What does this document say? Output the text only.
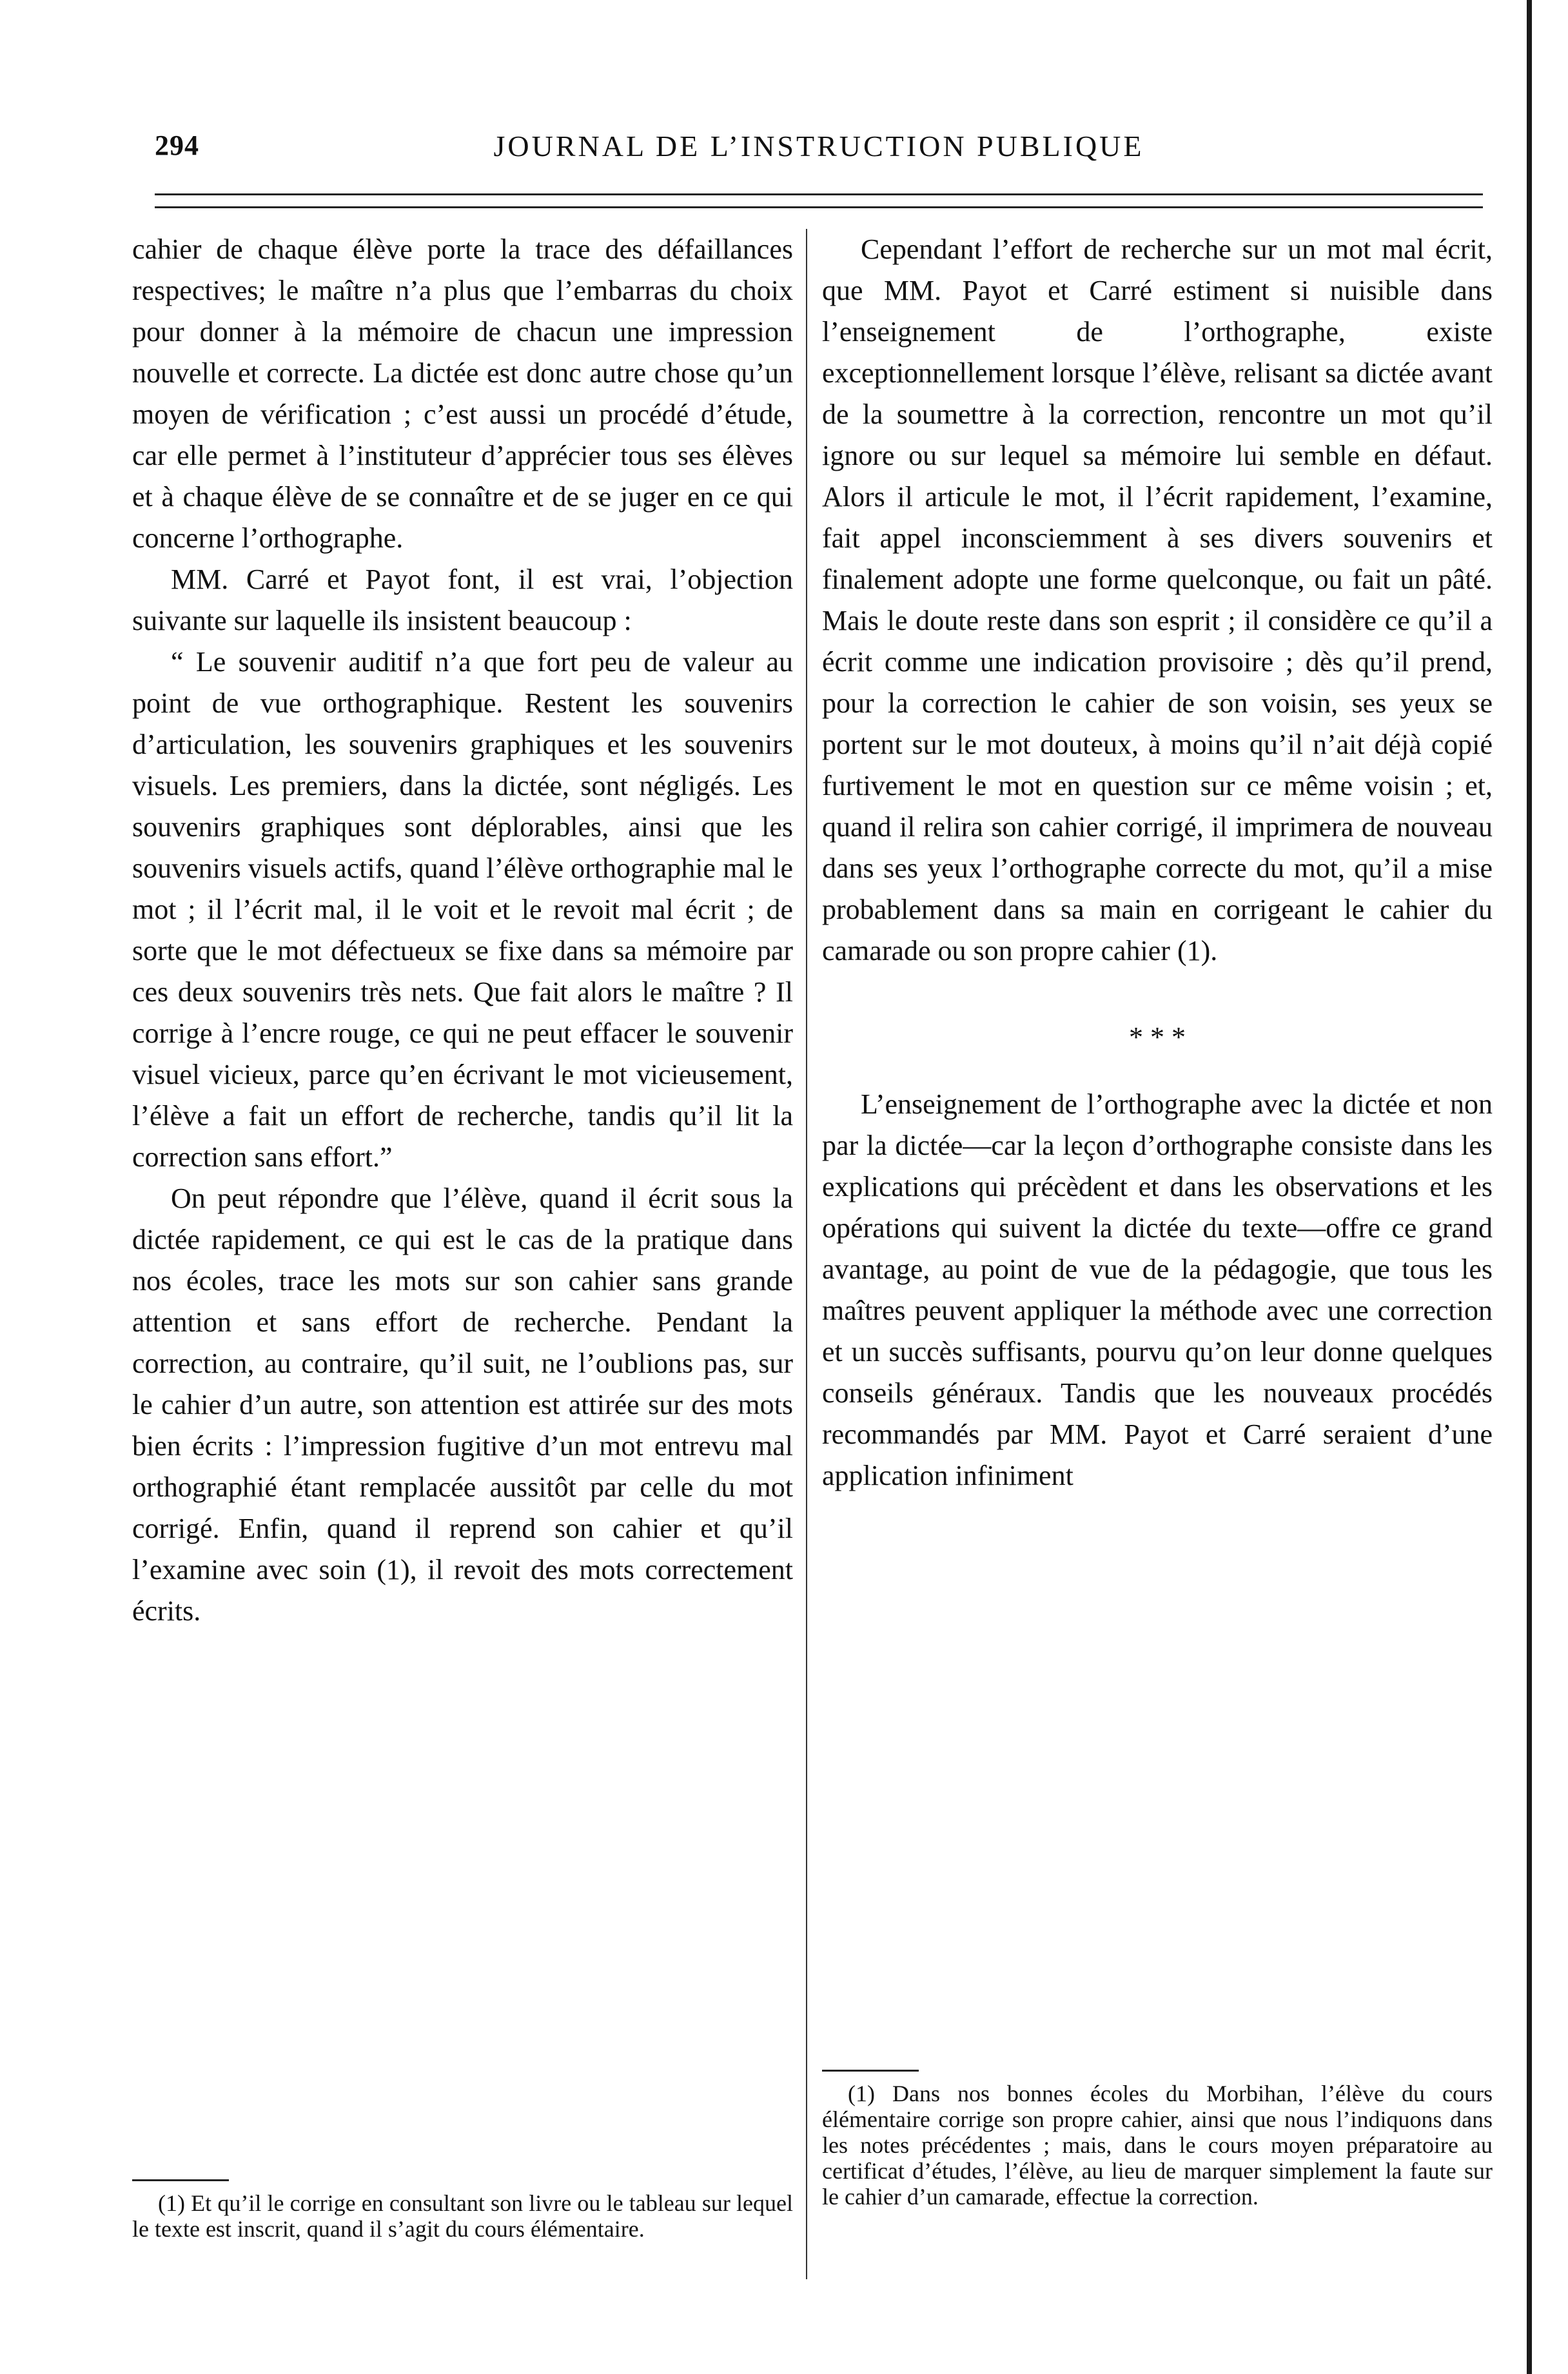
294	JOURNAL DE L’INSTRUCTION PUBLIQUE

cahier de chaque élève porte la trace des défaillances respectives; le maître n’a plus que l’embarras du choix pour donner à la mémoire de chacun une impression nouvelle et correcte. La dictée est donc autre chose qu’un moyen de vérification ; c’est aussi un procédé d’étude, car elle permet à l’instituteur d’apprécier tous ses élèves et à chaque élève de se connaître et de se juger en ce qui concerne l’orthographe.

MM. Carré et Payot font, il est vrai, l’objection suivante sur laquelle ils insistent beaucoup :

“ Le souvenir auditif n’a que fort peu de valeur au point de vue orthographique. Restent les souvenirs d’articulation, les souvenirs graphiques et les souvenirs visuels. Les premiers, dans la dictée, sont négligés. Les souvenirs graphiques sont déplorables, ainsi que les souvenirs visuels actifs, quand l’élève orthographie mal le mot ; il l’écrit mal, il le voit et le revoit mal écrit ; de sorte que le mot défectueux se fixe dans sa mémoire par ces deux souvenirs très nets. Que fait alors le maître ? Il corrige à l’encre rouge, ce qui ne peut effacer le souvenir visuel vicieux, parce qu’en écrivant le mot vicieusement, l’élève a fait un effort de recherche, tandis qu’il lit la correction sans effort.”

On peut répondre que l’élève, quand il écrit sous la dictée rapidement, ce qui est le cas de la pratique dans nos écoles, trace les mots sur son cahier sans grande attention et sans effort de recherche. Pendant la correction, au contraire, qu’il suit, ne l’oublions pas, sur le cahier d’un autre, son attention est attirée sur des mots bien écrits : l’impression fugitive d’un mot entrevu mal orthographié étant remplacée aussitôt par celle du mot corrigé. Enfin, quand il reprend son cahier et qu’il l’examine avec soin (1), il revoit des mots correctement écrits.

(1) Et qu’il le corrige en consultant son livre ou le tableau sur lequel le texte est inscrit, quand il s’agit du cours élémentaire.

Cependant l’effort de recherche sur un mot mal écrit, que MM. Payot et Carré estiment si nuisible dans l’enseignement de l’orthographe, existe exceptionnellement lorsque l’élève, relisant sa dictée avant de la soumettre à la correction, rencontre un mot qu’il ignore ou sur lequel sa mémoire lui semble en défaut. Alors il articule le mot, il l’écrit rapidement, l’examine, fait appel inconsciemment à ses divers souvenirs et finalement adopte une forme quelconque, ou fait un pâté. Mais le doute reste dans son esprit ; il considère ce qu’il a écrit comme une indication provisoire ; dès qu’il prend, pour la correction le cahier de son voisin, ses yeux se portent sur le mot douteux, à moins qu’il n’ait déjà copié furtivement le mot en question sur ce même voisin ; et, quand il relira son cahier corrigé, il imprimera de nouveau dans ses yeux l’orthographe correcte du mot, qu’il a mise probablement dans sa main en corrigeant le cahier du camarade ou son propre cahier (1).

* * *

L’enseignement de l’orthographe avec la dictée et non par la dictée—car la leçon d’orthographe consiste dans les explications qui précèdent et dans les observations et les opérations qui suivent la dictée du texte—offre ce grand avantage, au point de vue de la pédagogie, que tous les maîtres peuvent appliquer la méthode avec une correction et un succès suffisants, pourvu qu’on leur donne quelques conseils généraux. Tandis que les nouveaux procédés recommandés par MM. Payot et Carré seraient d’une application infiniment

(1) Dans nos bonnes écoles du Morbihan, l’élève du cours élémentaire corrige son propre cahier, ainsi que nous l’indiquons dans les notes précédentes ; mais, dans le cours moyen préparatoire au certificat d’études, l’élève, au lieu de marquer simplement la faute sur le cahier d’un camarade, effectue la correction.
